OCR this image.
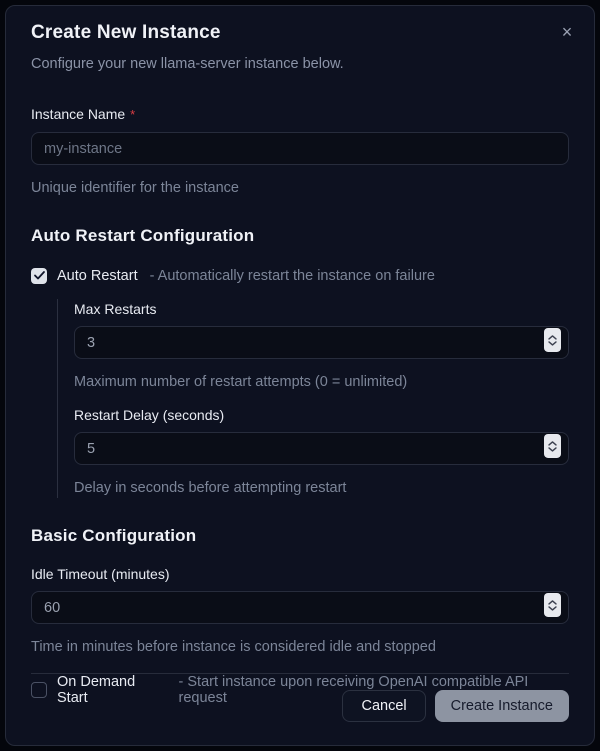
Create New Instance
Configure your new llama-server instance below.
×
Instance Name *
my-instance
Unique identifier for the instance
Auto Restart Configuration
Auto Restart - Automatically restart the instance on failure
Max Restarts
3
Maximum number of restart attempts (0 = unlimited)
Restart Delay (seconds)
5
Delay in seconds before attempting restart
Basic Configuration
Idle Timeout (minutes)
60
Time in minutes before instance is considered idle and stopped
On Demand Start
- Start instance upon receiving OpenAI compatible API request	Cancel	Create Instance
